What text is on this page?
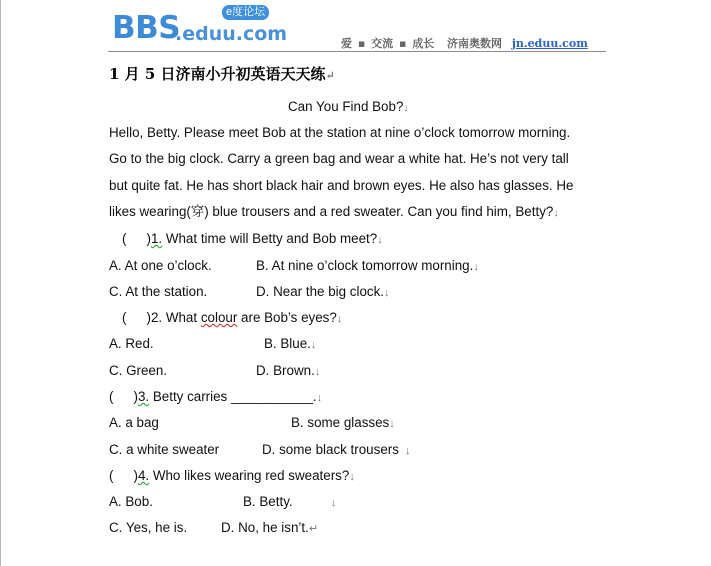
BBS
.eduu.com
e度论坛
爱 ▪ 交流 ▪ 成长 济南奥数网 jn.eduu.com
1 月 5 日济南小升初英语天天练↵
Can You Find Bob?↓
Hello, Betty. Please meet Bob at the station at nine o’clock tomorrow morning.
Go to the big clock. Carry a green bag and wear a white hat. He’s not very tall
but quite fat. He has short black hair and brown eyes. He also has glasses. He
likes wearing(穿) blue trousers and a red sweater. Can you find him, Betty?↓
( )1. What time will Betty and Bob meet?↓
A. At one o’clock.	B. At nine o’clock tomorrow morning.↓
C. At the station.	D. Near the big clock.↓
( )2. What colour are Bob’s eyes?↓
A. Red.	B. Blue.↓
C. Green.	D. Brown.↓
( )3. Betty carries ___________.↓
A. a bag	B. some glasses↓
C. a white sweater	D. some black trousers ↓
( )4. Who likes wearing red sweaters?↓
A. Bob.	B. Betty.	↓
C. Yes, he is.	D. No, he isn’t.↵
